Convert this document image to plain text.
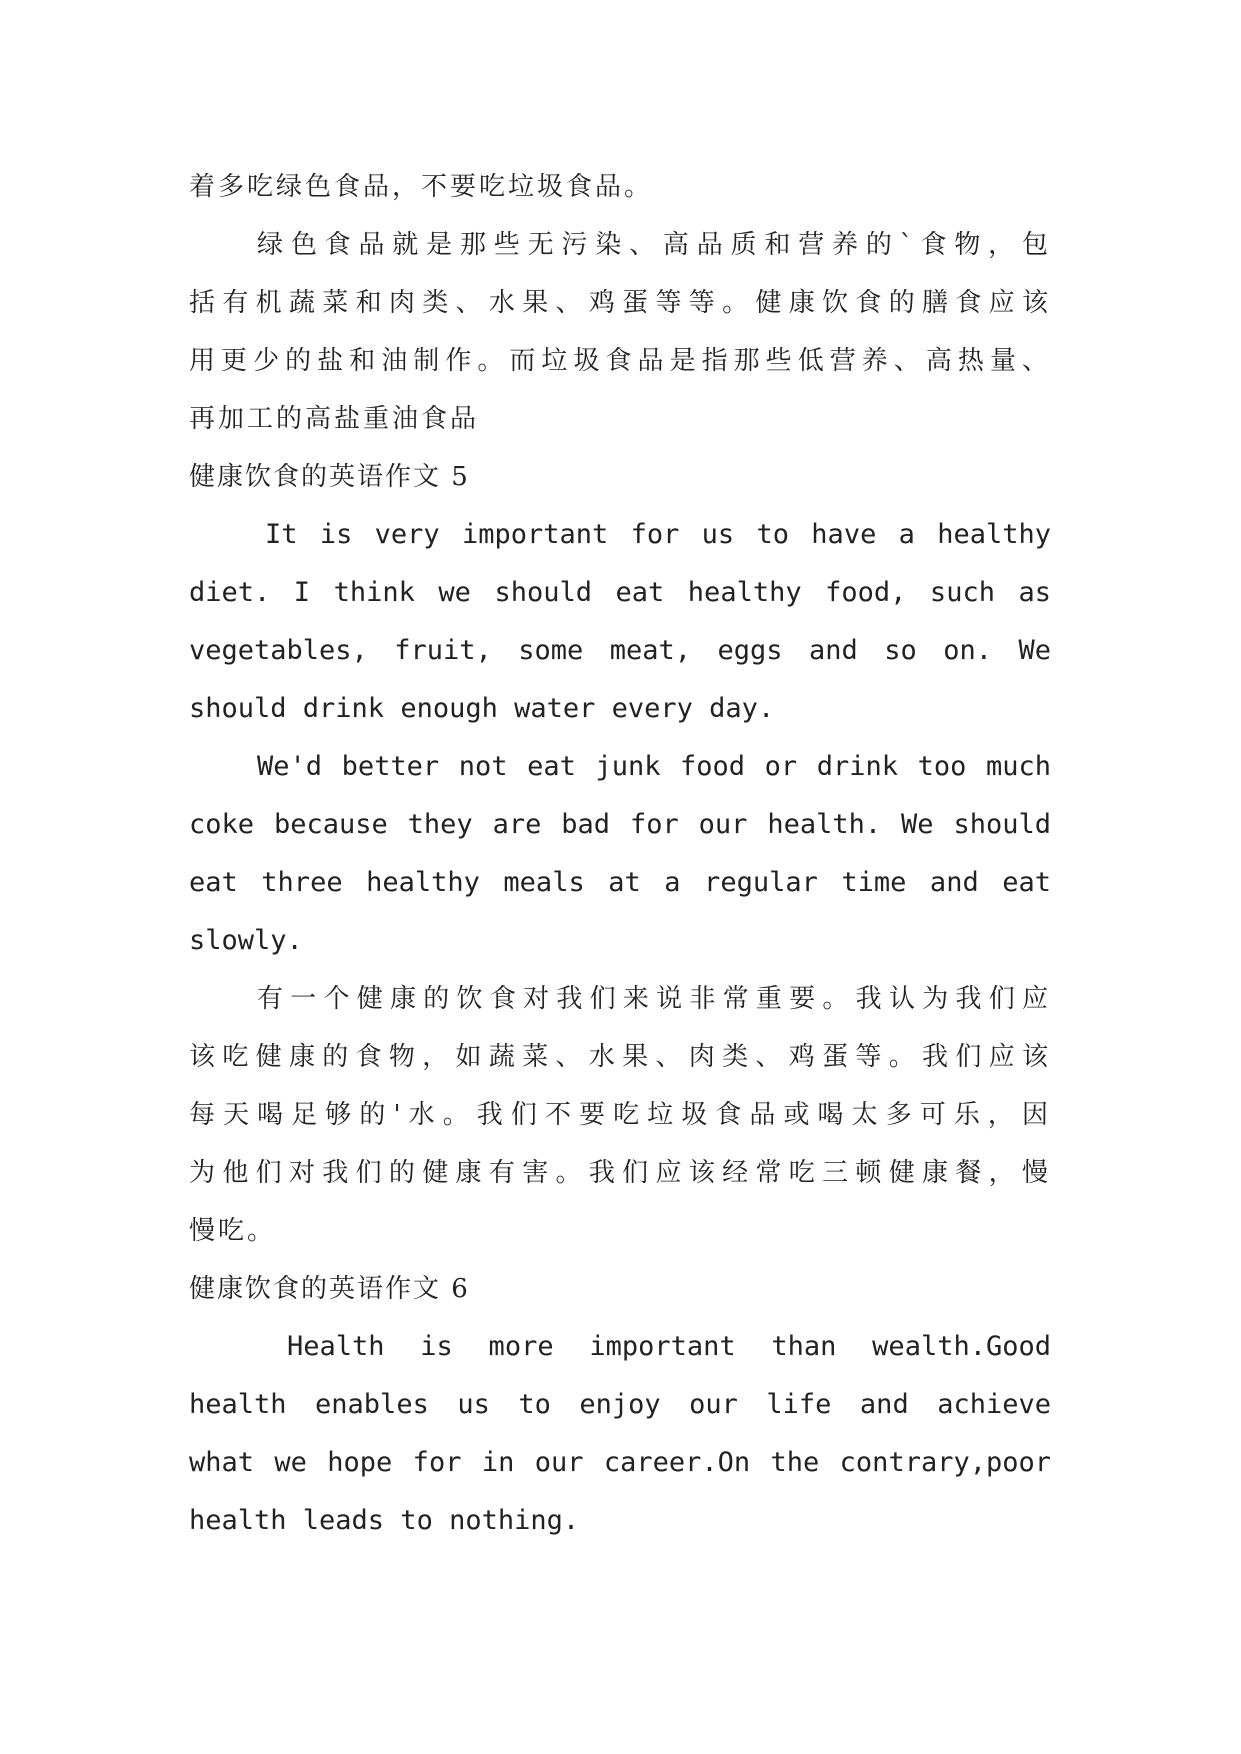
着多吃绿色食品，不要吃垃圾食品。
绿色食品就是那些无污染、高品质和营养的`食物，包
括有机蔬菜和肉类、水果、鸡蛋等等。健康饮食的膳食应该
用更少的盐和油制作。而垃圾食品是指那些低营养、高热量、
再加工的高盐重油食品
健康饮食的英语作文 5
It is very important for us to have a healthy
diet. I think we should eat healthy food, such as
vegetables, fruit, some meat, eggs and so on. We
should drink enough water every day.
We'd better not eat junk food or drink too much
coke because they are bad for our health. We should
eat three healthy meals at a regular time and eat
slowly.
有一个健康的饮食对我们来说非常重要。我认为我们应
该吃健康的食物，如蔬菜、水果、肉类、鸡蛋等。我们应该
每天喝足够的'水。我们不要吃垃圾食品或喝太多可乐，因
为他们对我们的健康有害。我们应该经常吃三顿健康餐，慢
慢吃。
健康饮食的英语作文 6
Health is more important than wealth.Good
health enables us to enjoy our life and achieve
what we hope for in our career.On the contrary,poor
health leads to nothing.
